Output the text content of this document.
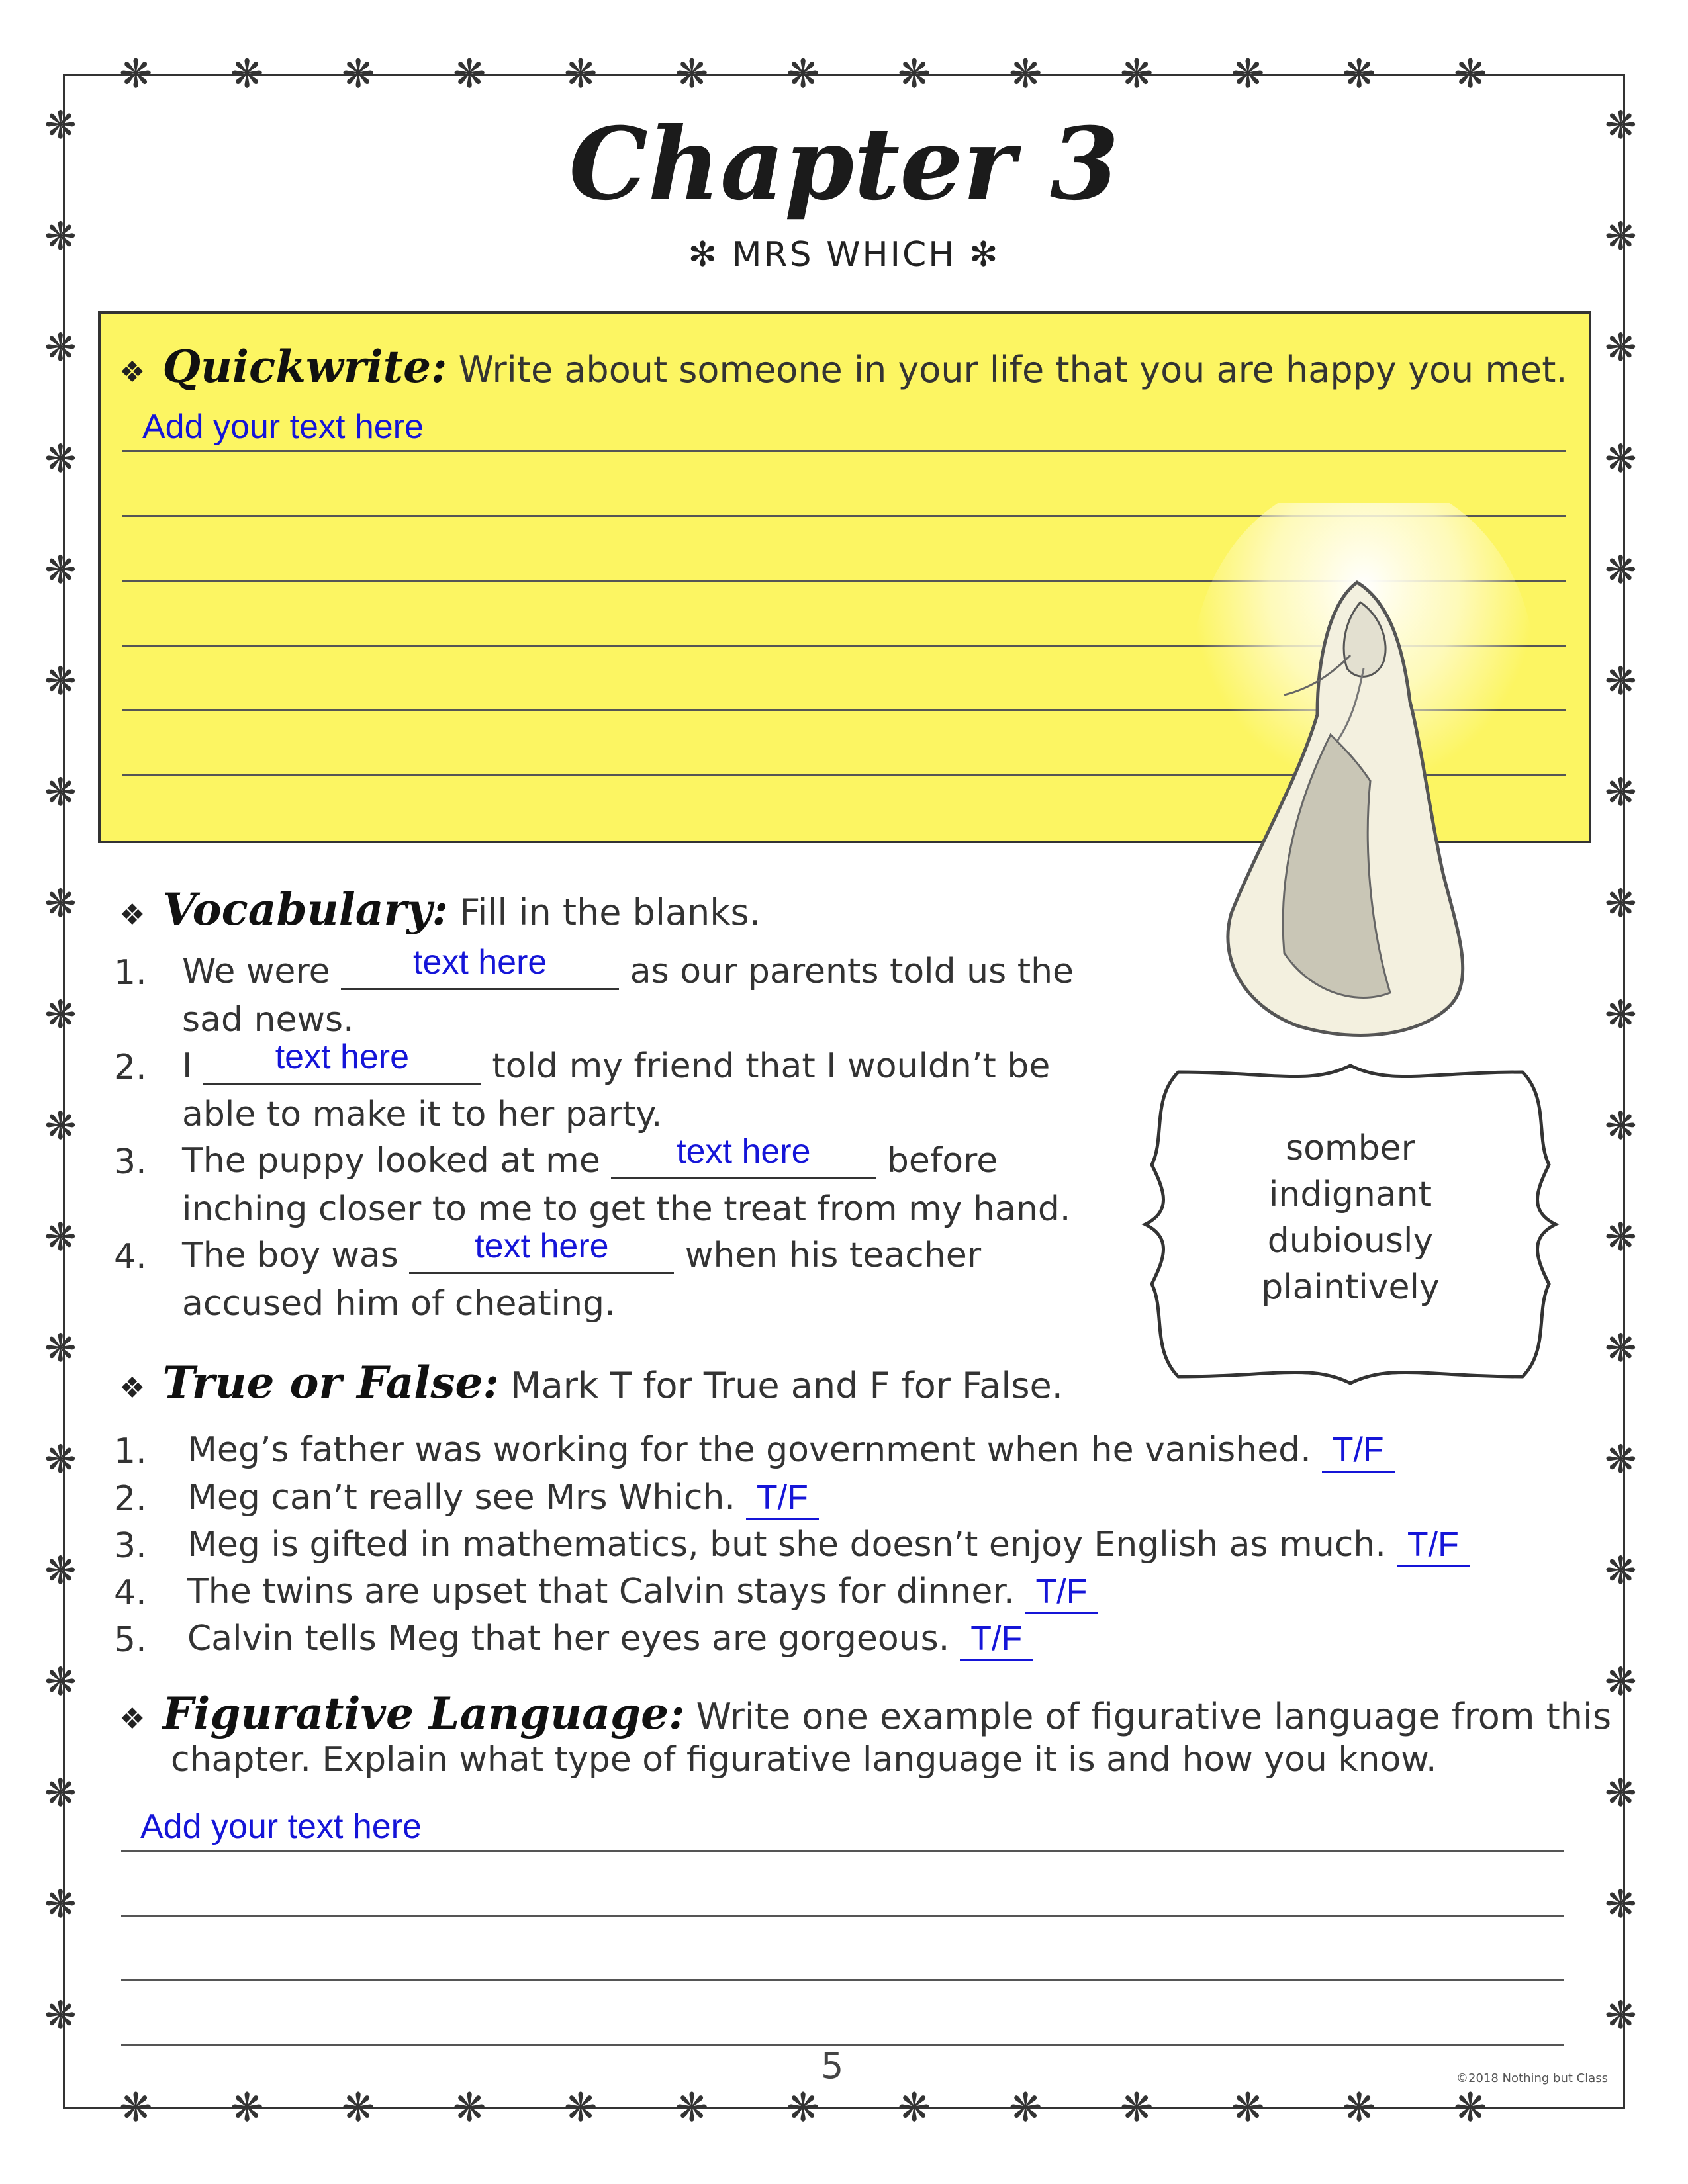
❋
❋
❋
❋
❋
❋
❋
❋
❋
❋
❋
❋
❋
❋
❋
❋
❋
❋
❋
❋
❋
❋
❋
❋
❋
❋
❋	❋
❋	❋
❋	❋
❋	❋
❋	❋
❋	❋
❋	❋
❋	❋
❋	❋
❋	❋
❋	❋
❋	❋
❋	❋
❋	❋
❋	❋
❋	❋
❋	❋
❋	❋
Chapter 3
✻ MRS WHICH ✻
❖ Quickwrite: Write about someone in your life that you are happy you met.
Add your text here
❖ Vocabulary: Fill in the blanks.
1. We were text here as our parents told us the
sad news.
2. I text here told my friend that I wouldn’t be
able to make it to her party.
3. The puppy looked at me text here before
inching closer to me to get the treat from my hand.
4. The boy was text here when his teacher
accused him of cheating.
somber
indignant
dubiously
plaintively
❖ True or False: Mark T for True and F for False.
1. Meg’s father was working for the government when he vanished. T/F
2. Meg can’t really see Mrs Which. T/F
3. Meg is gifted in mathematics, but she doesn’t enjoy English as much. T/F
4. The twins are upset that Calvin stays for dinner. T/F
5. Calvin tells Meg that her eyes are gorgeous. T/F
❖ Figurative Language: Write one example of figurative language from this
chapter. Explain what type of figurative language it is and how you know.
Add your text here
5	©2018 Nothing but Class
